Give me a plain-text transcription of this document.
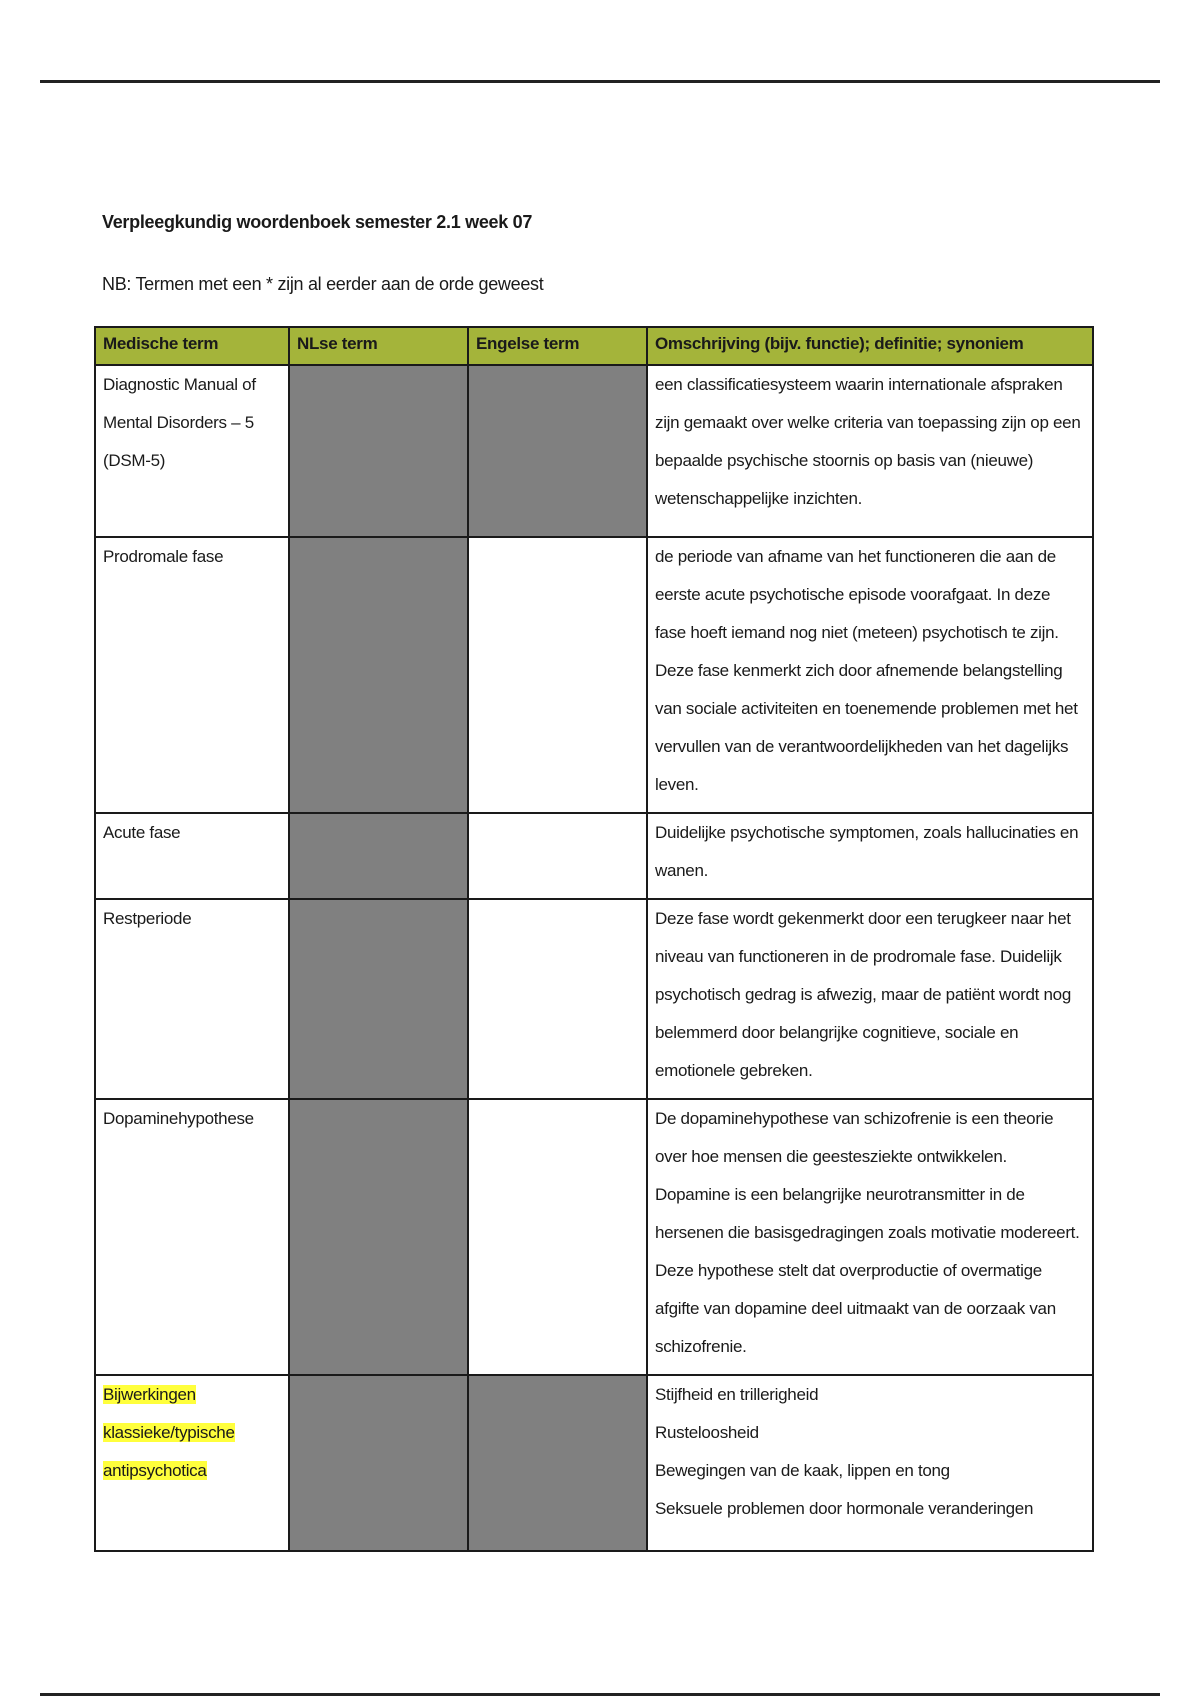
Verpleegkundig woordenboek semester 2.1 week 07
NB: Termen met een * zijn al eerder aan de orde geweest
Medische term	NLse term	Engelse term	Omschrijving (bijv. functie); definitie; synoniem
Diagnostic Manual of Mental Disorders – 5 (DSM-5)			een classificatiesysteem waarin internationale afspraken zijn gemaakt over welke criteria van toepassing zijn op een bepaalde psychische stoornis op basis van (nieuwe) wetenschappelijke inzichten.
Prodromale fase			de periode van afname van het functioneren die aan de eerste acute psychotische episode voorafgaat. In deze fase hoeft iemand nog niet (meteen) psychotisch te zijn. Deze fase kenmerkt zich door afnemende belangstelling van sociale activiteiten en toenemende problemen met het vervullen van de verantwoordelijkheden van het dagelijks leven.
Acute fase			Duidelijke psychotische symptomen, zoals hallucinaties en wanen.
Restperiode			Deze fase wordt gekenmerkt door een terugkeer naar het niveau van functioneren in de prodromale fase. Duidelijk psychotisch gedrag is afwezig, maar de patiënt wordt nog belemmerd door belangrijke cognitieve, sociale en emotionele gebreken.
Dopaminehypothese			De dopaminehypothese van schizofrenie is een theorie over hoe mensen die geestesziekte ontwikkelen. Dopamine is een belangrijke neurotransmitter in de hersenen die basisgedragingen zoals motivatie modereert. Deze hypothese stelt dat overproductie of overmatige afgifte van dopamine deel uitmaakt van de oorzaak van schizofrenie.
Bijwerkingen klassieke/typische antipsychotica			Stijfheid en trillerigheid
Rusteloosheid
Bewegingen van de kaak, lippen en tong
Seksuele problemen door hormonale veranderingen
